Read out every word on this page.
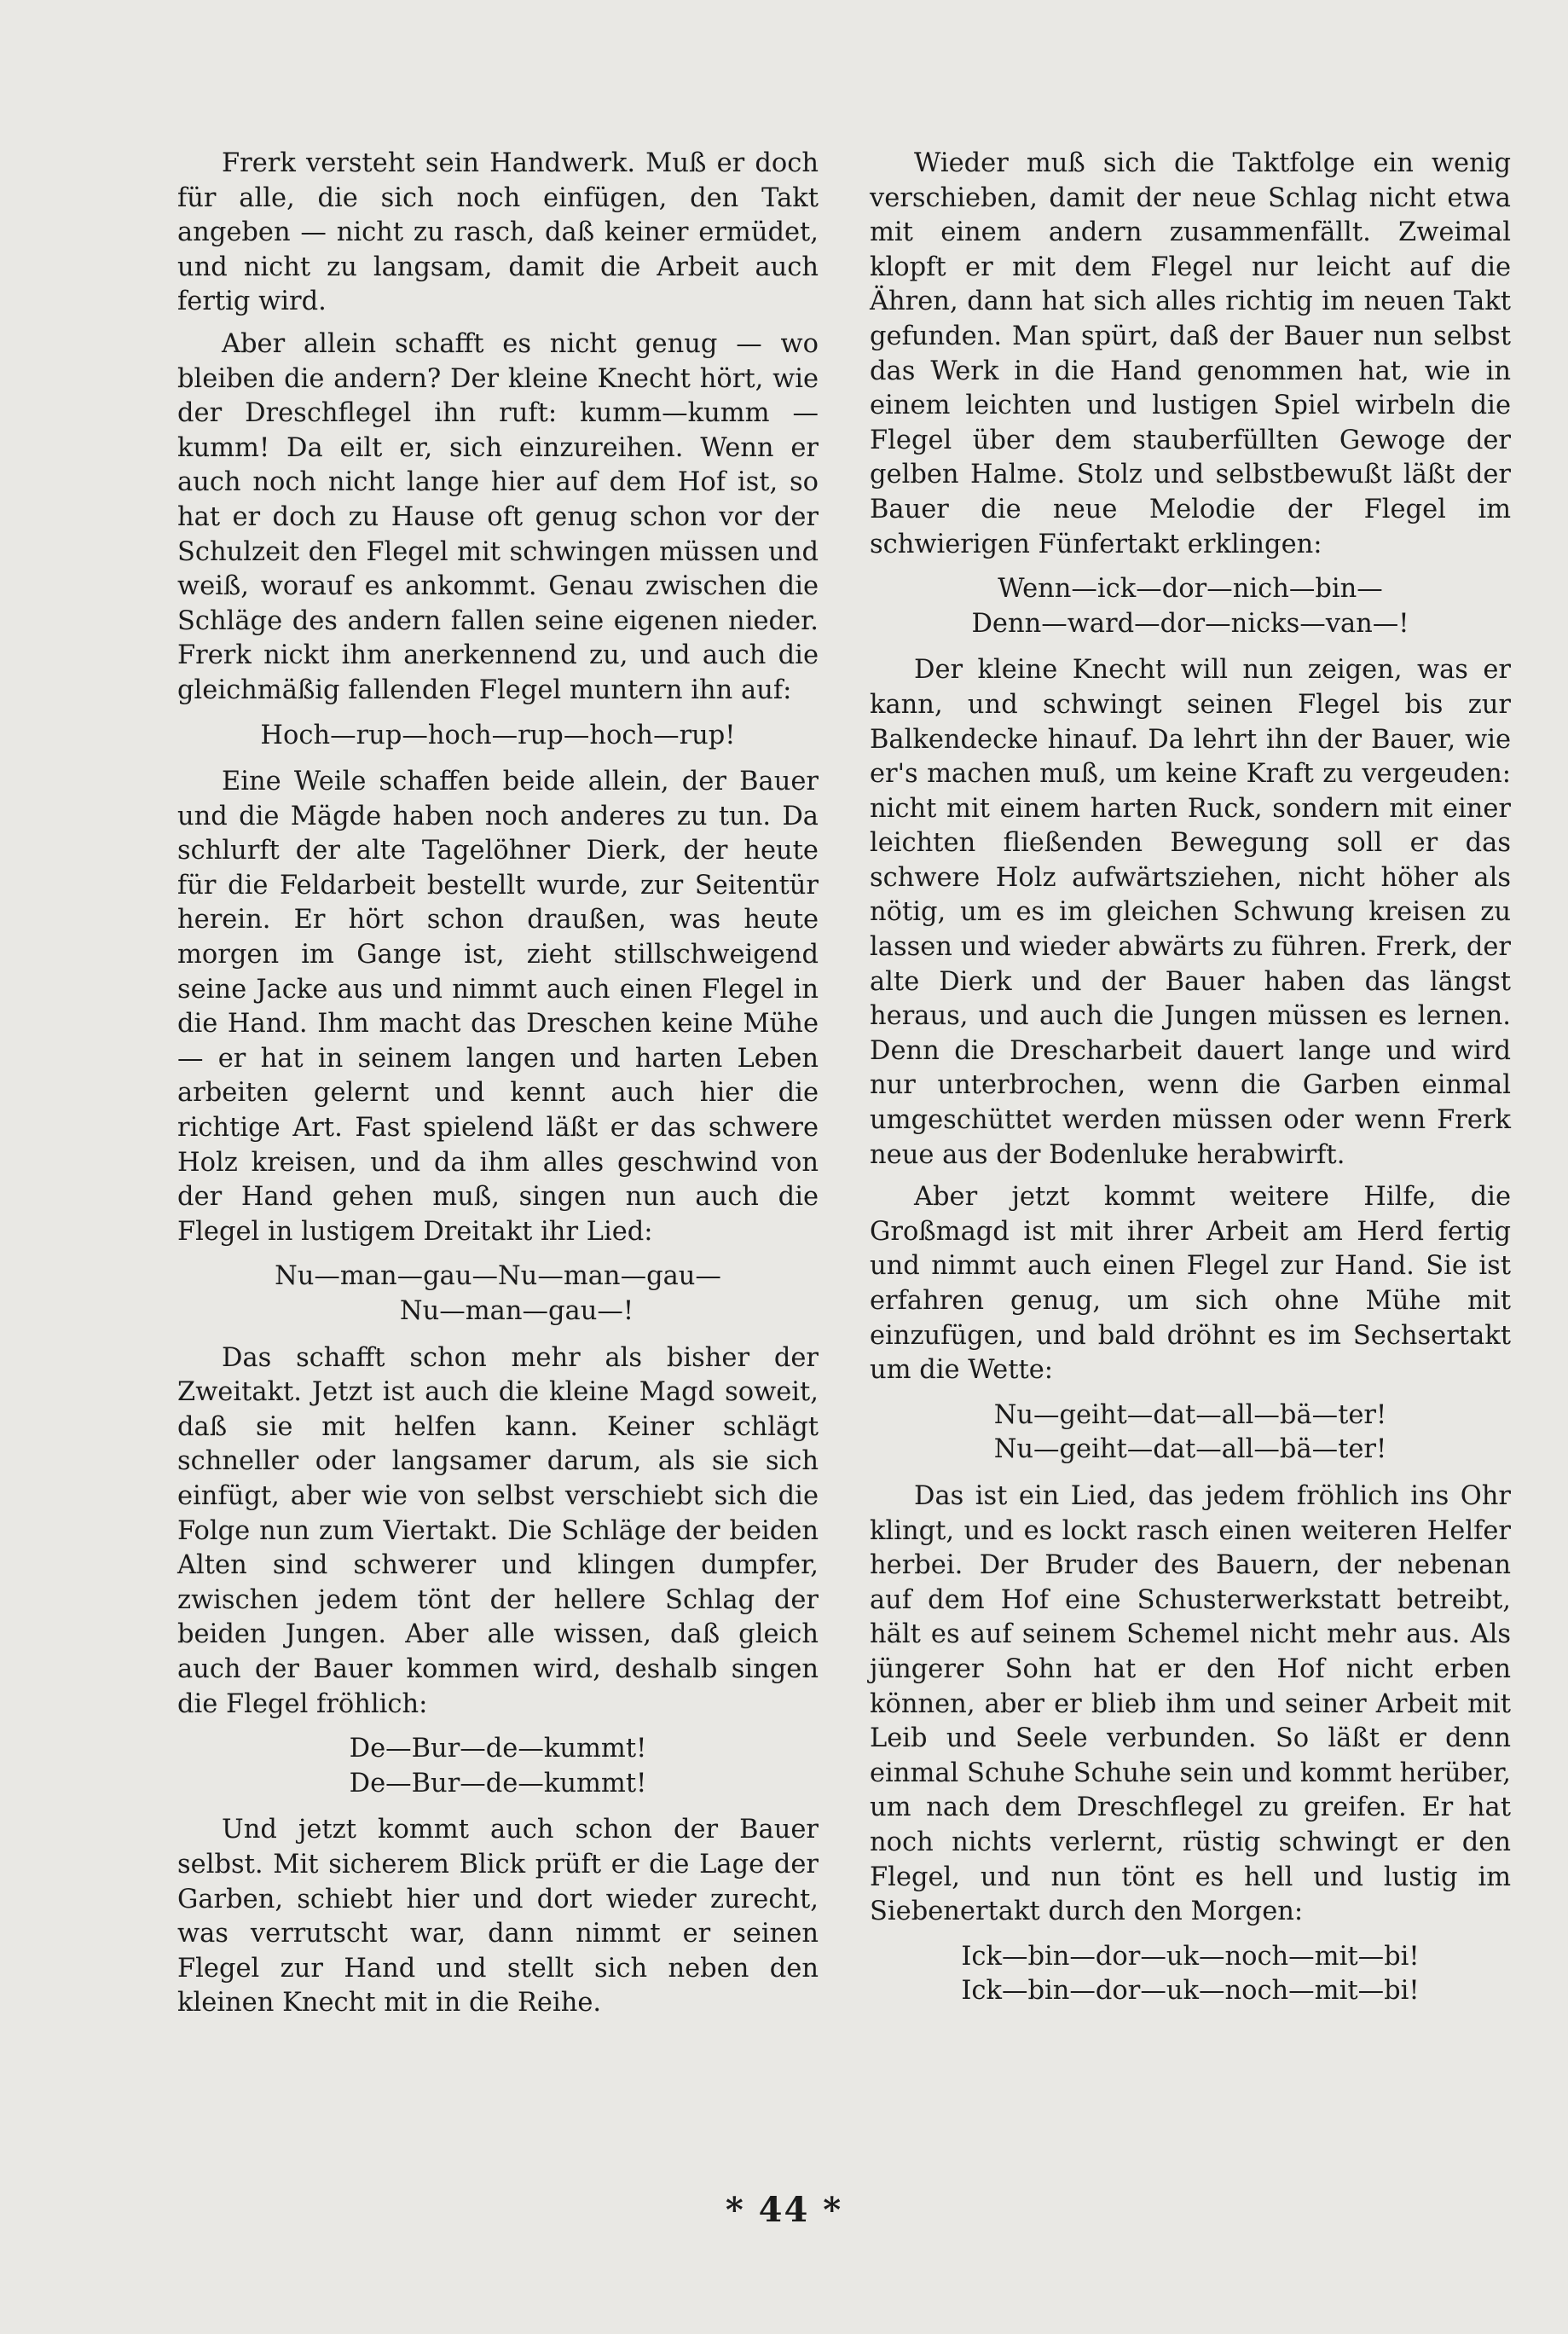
Frerk versteht sein Handwerk. Muß er doch für alle, die sich noch einfügen, den Takt angeben — nicht zu rasch, daß keiner ermüdet, und nicht zu langsam, damit die Arbeit auch fertig wird.

Aber allein schafft es nicht genug — wo bleiben die andern? Der kleine Knecht hört, wie der Dreschflegel ihn ruft: kumm—kumm —kumm! Da eilt er, sich einzureihen. Wenn er auch noch nicht lange hier auf dem Hof ist, so hat er doch zu Hause oft genug schon vor der Schulzeit den Flegel mit schwingen müssen und weiß, worauf es ankommt. Genau zwischen die Schläge des andern fallen seine eigenen nieder. Frerk nickt ihm anerkennend zu, und auch die gleichmäßig fallenden Flegel muntern ihn auf:

Hoch—rup—hoch—rup—hoch—rup!

Eine Weile schaffen beide allein, der Bauer und die Mägde haben noch anderes zu tun. Da schlurft der alte Tagelöhner Dierk, der heute für die Feldarbeit bestellt wurde, zur Seitentür herein. Er hört schon draußen, was heute morgen im Gange ist, zieht stillschweigend seine Jacke aus und nimmt auch einen Flegel in die Hand. Ihm macht das Dreschen keine Mühe — er hat in seinem langen und harten Leben arbeiten gelernt und kennt auch hier die richtige Art. Fast spielend läßt er das schwere Holz kreisen, und da ihm alles geschwind von der Hand gehen muß, singen nun auch die Flegel in lustigem Dreitakt ihr Lied:

Nu—man—gau—Nu—man—gau—
Nu—man—gau—!

Das schafft schon mehr als bisher der Zweitakt. Jetzt ist auch die kleine Magd soweit, daß sie mit helfen kann. Keiner schlägt schneller oder langsamer darum, als sie sich einfügt, aber wie von selbst verschiebt sich die Folge nun zum Viertakt. Die Schläge der beiden Alten sind schwerer und klingen dumpfer, zwischen jedem tönt der hellere Schlag der beiden Jungen. Aber alle wissen, daß gleich auch der Bauer kommen wird, deshalb singen die Flegel fröhlich:

De—Bur—de—kummt!
De—Bur—de—kummt!

Und jetzt kommt auch schon der Bauer selbst. Mit sicherem Blick prüft er die Lage der Garben, schiebt hier und dort wieder zurecht, was verrutscht war, dann nimmt er seinen Flegel zur Hand und stellt sich neben den kleinen Knecht mit in die Reihe.

Wieder muß sich die Taktfolge ein wenig verschieben, damit der neue Schlag nicht etwa mit einem andern zusammenfällt. Zweimal klopft er mit dem Flegel nur leicht auf die Ähren, dann hat sich alles richtig im neuen Takt gefunden. Man spürt, daß der Bauer nun selbst das Werk in die Hand genommen hat, wie in einem leichten und lustigen Spiel wirbeln die Flegel über dem stauberfüllten Gewoge der gelben Halme. Stolz und selbstbewußt läßt der Bauer die neue Melodie der Flegel im schwierigen Fünfertakt erklingen:

Wenn—ick—dor—nich—bin—
Denn—ward—dor—nicks—van—!

Der kleine Knecht will nun zeigen, was er kann, und schwingt seinen Flegel bis zur Balkendecke hinauf. Da lehrt ihn der Bauer, wie er's machen muß, um keine Kraft zu vergeuden: nicht mit einem harten Ruck, sondern mit einer leichten fließenden Bewegung soll er das schwere Holz aufwärtsziehen, nicht höher als nötig, um es im gleichen Schwung kreisen zu lassen und wieder abwärts zu führen. Frerk, der alte Dierk und der Bauer haben das längst heraus, und auch die Jungen müssen es lernen. Denn die Drescharbeit dauert lange und wird nur unterbrochen, wenn die Garben einmal umgeschüttet werden müssen oder wenn Frerk neue aus der Bodenluke herabwirft.

Aber jetzt kommt weitere Hilfe, die Großmagd ist mit ihrer Arbeit am Herd fertig und nimmt auch einen Flegel zur Hand. Sie ist erfahren genug, um sich ohne Mühe mit einzufügen, und bald dröhnt es im Sechsertakt um die Wette:

Nu—geiht—dat—all—bä—ter!
Nu—geiht—dat—all—bä—ter!

Das ist ein Lied, das jedem fröhlich ins Ohr klingt, und es lockt rasch einen weiteren Helfer herbei. Der Bruder des Bauern, der nebenan auf dem Hof eine Schusterwerkstatt betreibt, hält es auf seinem Schemel nicht mehr aus. Als jüngerer Sohn hat er den Hof nicht erben können, aber er blieb ihm und seiner Arbeit mit Leib und Seele verbunden. So läßt er denn einmal Schuhe Schuhe sein und kommt herüber, um nach dem Dreschflegel zu greifen. Er hat noch nichts verlernt, rüstig schwingt er den Flegel, und nun tönt es hell und lustig im Siebenertakt durch den Morgen:

Ick—bin—dor—uk—noch—mit—bi!
Ick—bin—dor—uk—noch—mit—bi!
* 44 *
